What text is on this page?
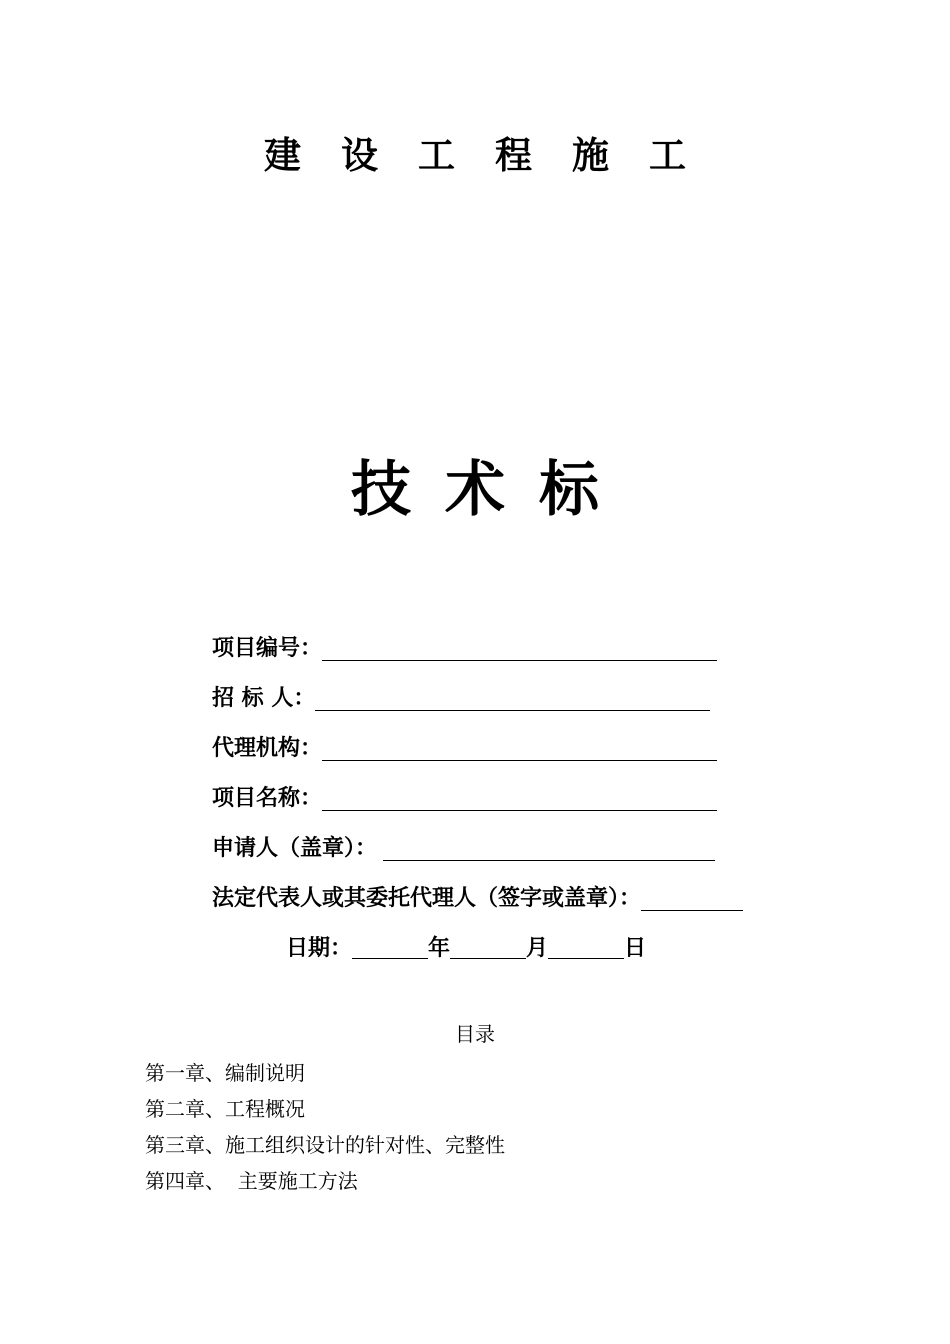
建设工程施工
技术标
项目编号：
招 标 人：
代理机构：
项目名称：
申请人（盖章）：
法定代表人或其委托代理人（签字或盖章）：
日期：	年	月	日
目录
第一章、编制说明
第二章、工程概况
第三章、施工组织设计的针对性、完整性
第四章、  主要施工方法
